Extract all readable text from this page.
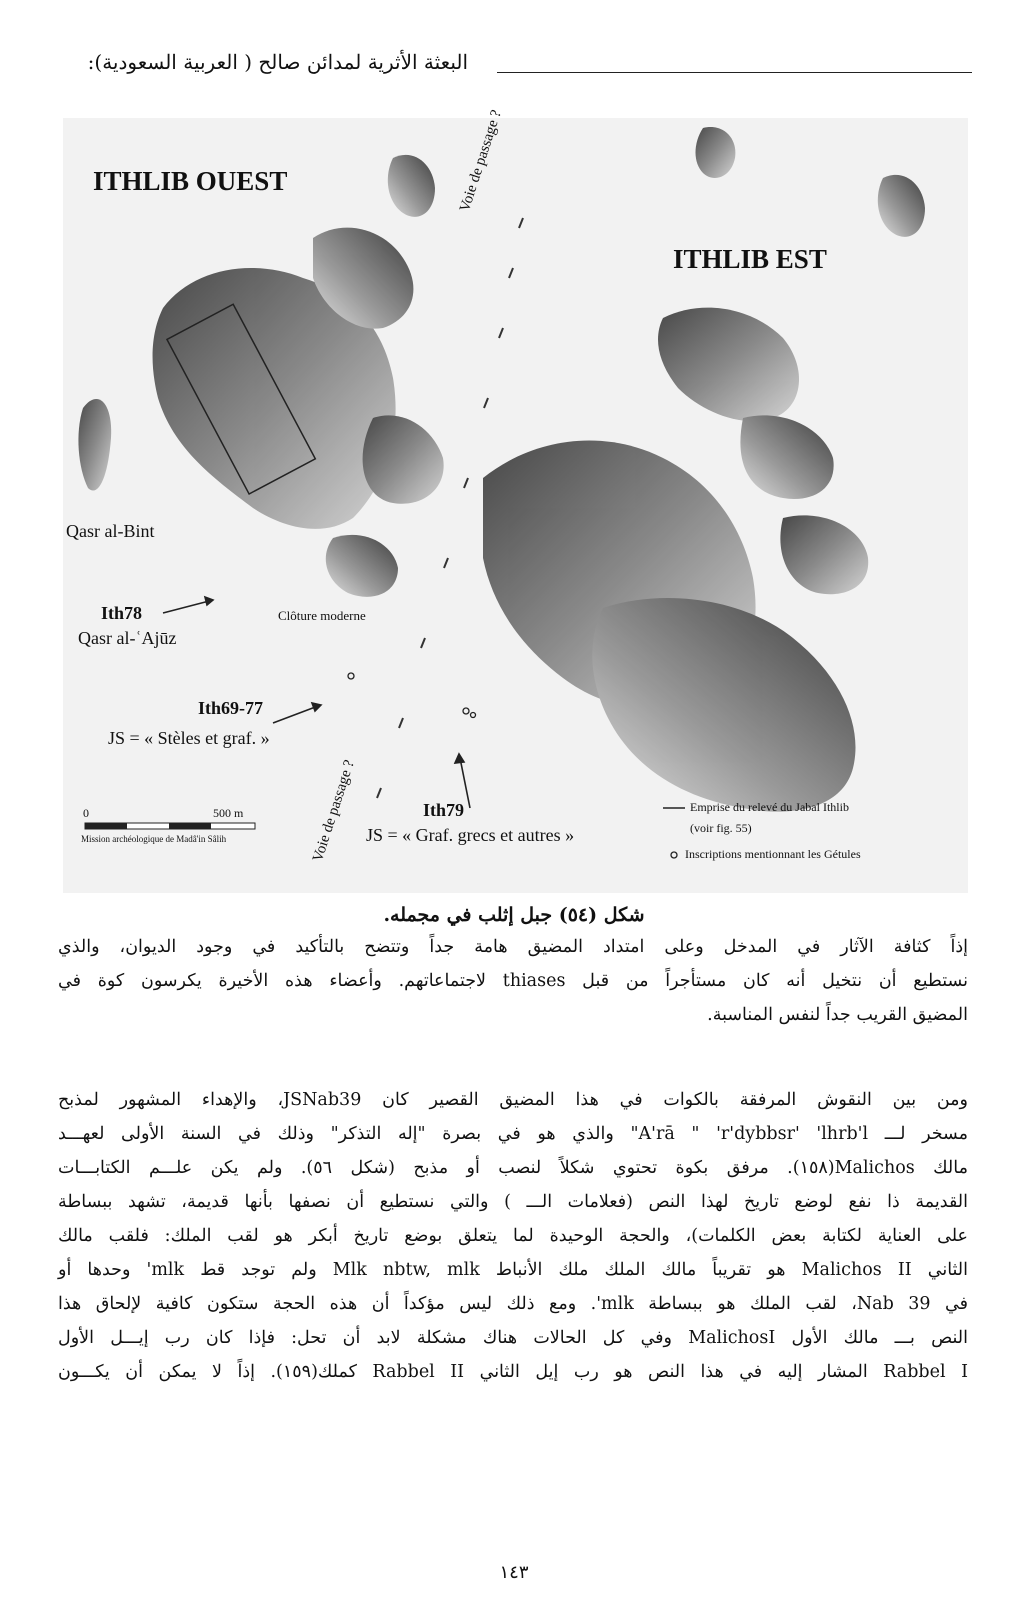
البعثة الأثرية لمدائن صالح ( العربية السعودية):
ITHLIB OUEST
ITHLIB EST
Voie de passage ?
Voie de passage ?
Qasr al-Bint
Ith78
Qasr al-ʿAjūz
Clôture moderne
Ith69-77
JS = « Stèles et graf. »
0	500 m
Mission archéologique de Madâ'in Sâlih
Ith79
JS = « Graf. grecs et autres »
Emprise du relevé du Jabal Ithlib
(voir fig. 55)
Inscriptions mentionnant les Gétules
شكل (٥٤) جبل إثلب في مجمله.
إذاً كثافة الآثار في المدخل وعلى امتداد المضيق هامة جداً وتتضح بالتأكيد في وجود الديوان، والذي
نستطيع أن نتخيل أنه كان مستأجراً من قبل thiases لاجتماعاتهم. وأعضاء هذه الأخيرة يكرسون كوة في
المضيق القريب جداً لنفس المناسبة.
ومن بين النقوش المرفقة بالكوات في هذا المضيق القصير كان JSNab39، والإهداء المشهور لمذبح
مسخر لـــ A'rā " 'r'dybbsr' 'lhrb'l" والذي هو في بصرة "إله التذكر" وذلك في السنة الأولى لعهـــد
مالك Malichos(١٥٨). مرفق بكوة تحتوي شكلاً لنصب أو مذبح (شكل ٥٦). ولم يكن علـــم الكتابـــات
القديمة ذا نفع لوضع تاريخ لهذا النص (فعلامات الـــ ) والتي نستطيع أن نصفها بأنها قديمة، تشهد ببساطة
على العناية لكتابة بعض الكلمات)، والحجة الوحيدة لما يتعلق بوضع تاريخ أبكر هو لقب الملك: فلقب مالك
الثاني Malichos II هو تقريباً مالك الملك ملك الأنباط Mlk nbtw, mlk ولم توجد قط mlk' وحدها أو
في Nab 39، لقب الملك هو ببساطة mlk'. ومع ذلك ليس مؤكداً أن هذه الحجة ستكون كافية لإلحاق هذا
النص بـــ مالك الأول MalichosI وفي كل الحالات هناك مشكلة لابد أن تحل: فإذا كان رب إيـــل الأول
Rabbel I المشار إليه في هذا النص هو رب إيل الثاني Rabbel II كملك(١٥٩). إذاً لا يمكن أن يكـــون
١٤٣
